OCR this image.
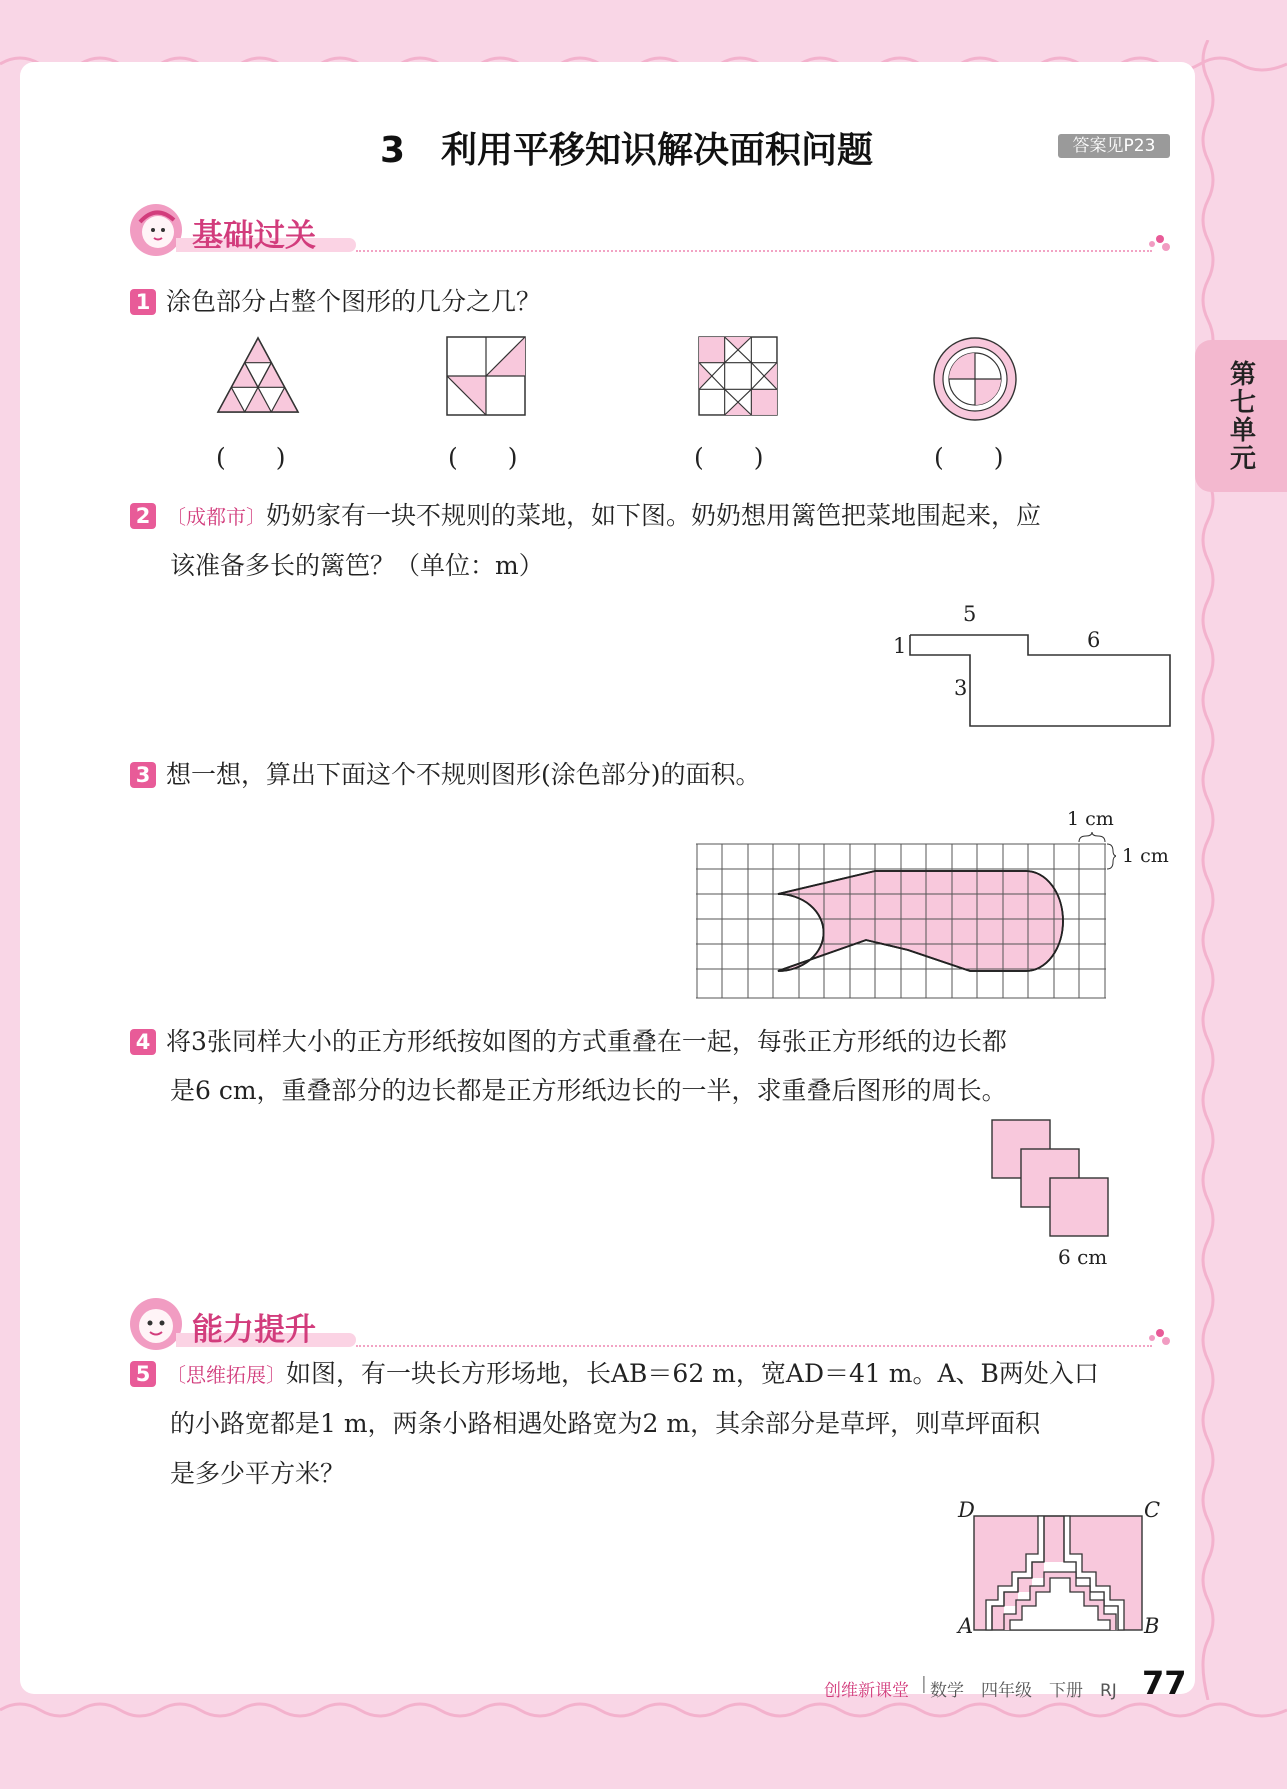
3　利用平移知识解决面积问题	答案见P23
第七单元
基础过关
1 涂色部分占整个图形的几分之几？
(　　)	(　　)	(　　)	(　　)
2 〔成都市〕奶奶家有一块不规则的菜地，如下图。奶奶想用篱笆把菜地围起来，应
该准备多长的篱笆？（单位：m）
5
6
1
3
3 想一想，算出下面这个不规则图形(涂色部分)的面积。
1 cm
1 cm
4 将3张同样大小的正方形纸按如图的方式重叠在一起，每张正方形纸的边长都
是6 cm，重叠部分的边长都是正方形纸边长的一半，求重叠后图形的周长。
6 cm
能力提升
5 〔思维拓展〕如图，有一块长方形场地，长AB＝62 m，宽AD＝41 m。A、B两处入口
的小路宽都是1 m，两条小路相遇处路宽为2 m，其余部分是草坪，则草坪面积
是多少平方米？
D	C
A	B
创维新课堂 | 数学　四年级　下册　RJ 77
